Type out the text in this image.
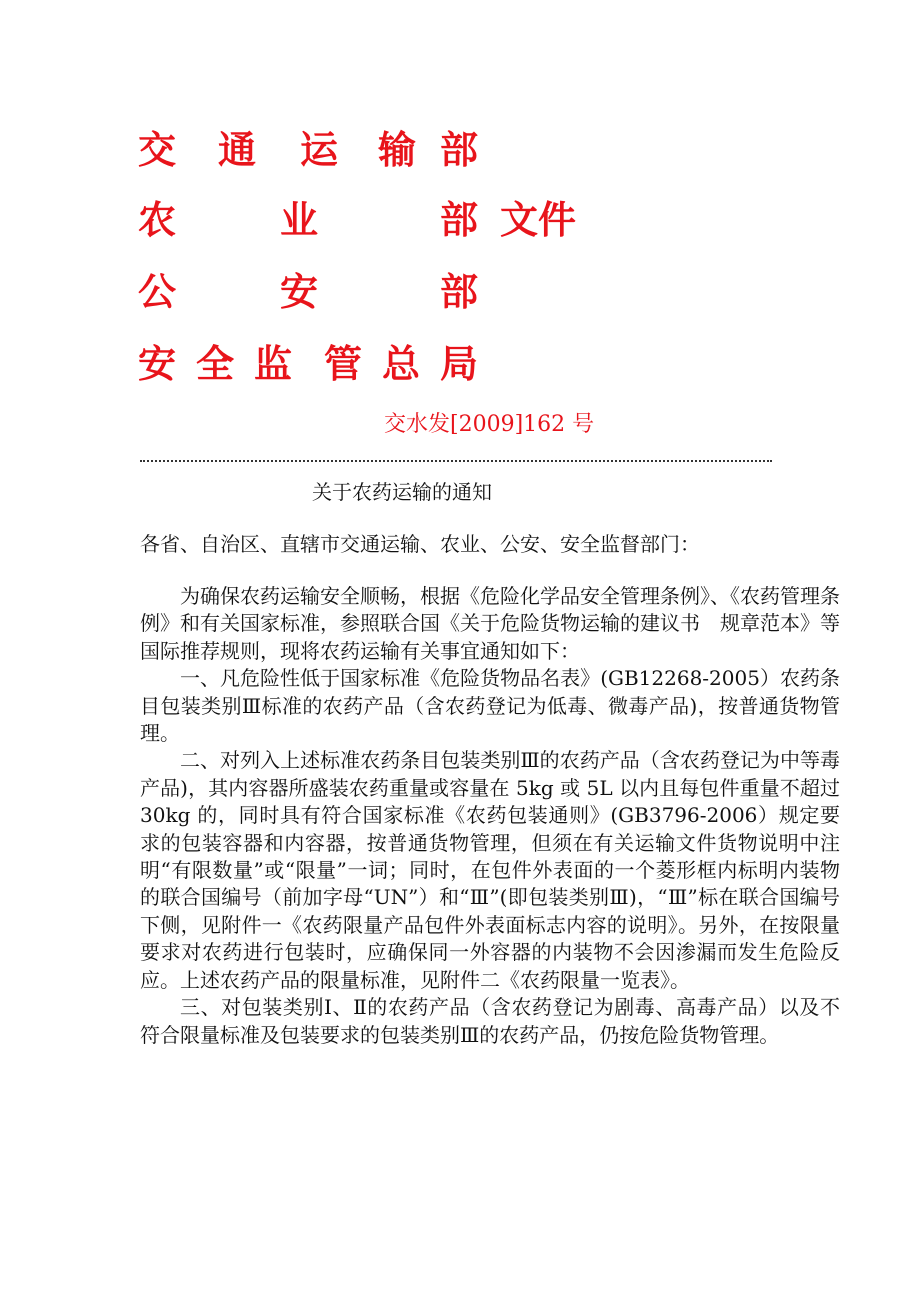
交 通 运 输 部
农	业	部 文件
公	安	部
安 全 监 管 总 局
交水发[2009]162 号
关于农药运输的通知
各省、自治区、直辖市交通运输、农业、公安、安全监督部门：

为确保农药运输安全顺畅，根据《危险化学品安全管理条例》、《农药管理条例》和有关国家标准，参照联合国《关于危险货物运输的建议书　规章范本》等国际推荐规则，现将农药运输有关事宜通知如下：

一、凡危险性低于国家标准《危险货物品名表》(GB12268-2005）农药条目包装类别Ⅲ标准的农药产品（含农药登记为低毒、微毒产品)，按普通货物管理。

二、对列入上述标准农药条目包装类别Ⅲ的农药产品（含农药登记为中等毒产品)，其内容器所盛装农药重量或容量在 5kg 或 5L 以内且每包件重量不超过 30kg 的，同时具有符合国家标准《农药包装通则》(GB3796-2006）规定要求的包装容器和内容器，按普通货物管理，但须在有关运输文件货物说明中注明“有限数量”或“限量”一词；同时，在包件外表面的一个菱形框内标明内装物的联合国编号（前加字母“UN”）和“Ⅲ”(即包装类别Ⅲ)，“Ⅲ”标在联合国编号下侧，见附件一《农药限量产品包件外表面标志内容的说明》。另外，在按限量要求对农药进行包装时，应确保同一外容器的内装物不会因渗漏而发生危险反应。上述农药产品的限量标准，见附件二《农药限量一览表》。

三、对包装类别Ⅰ、Ⅱ的农药产品（含农药登记为剧毒、高毒产品）以及不符合限量标准及包装要求的包装类别Ⅲ的农药产品，仍按危险货物管理。
